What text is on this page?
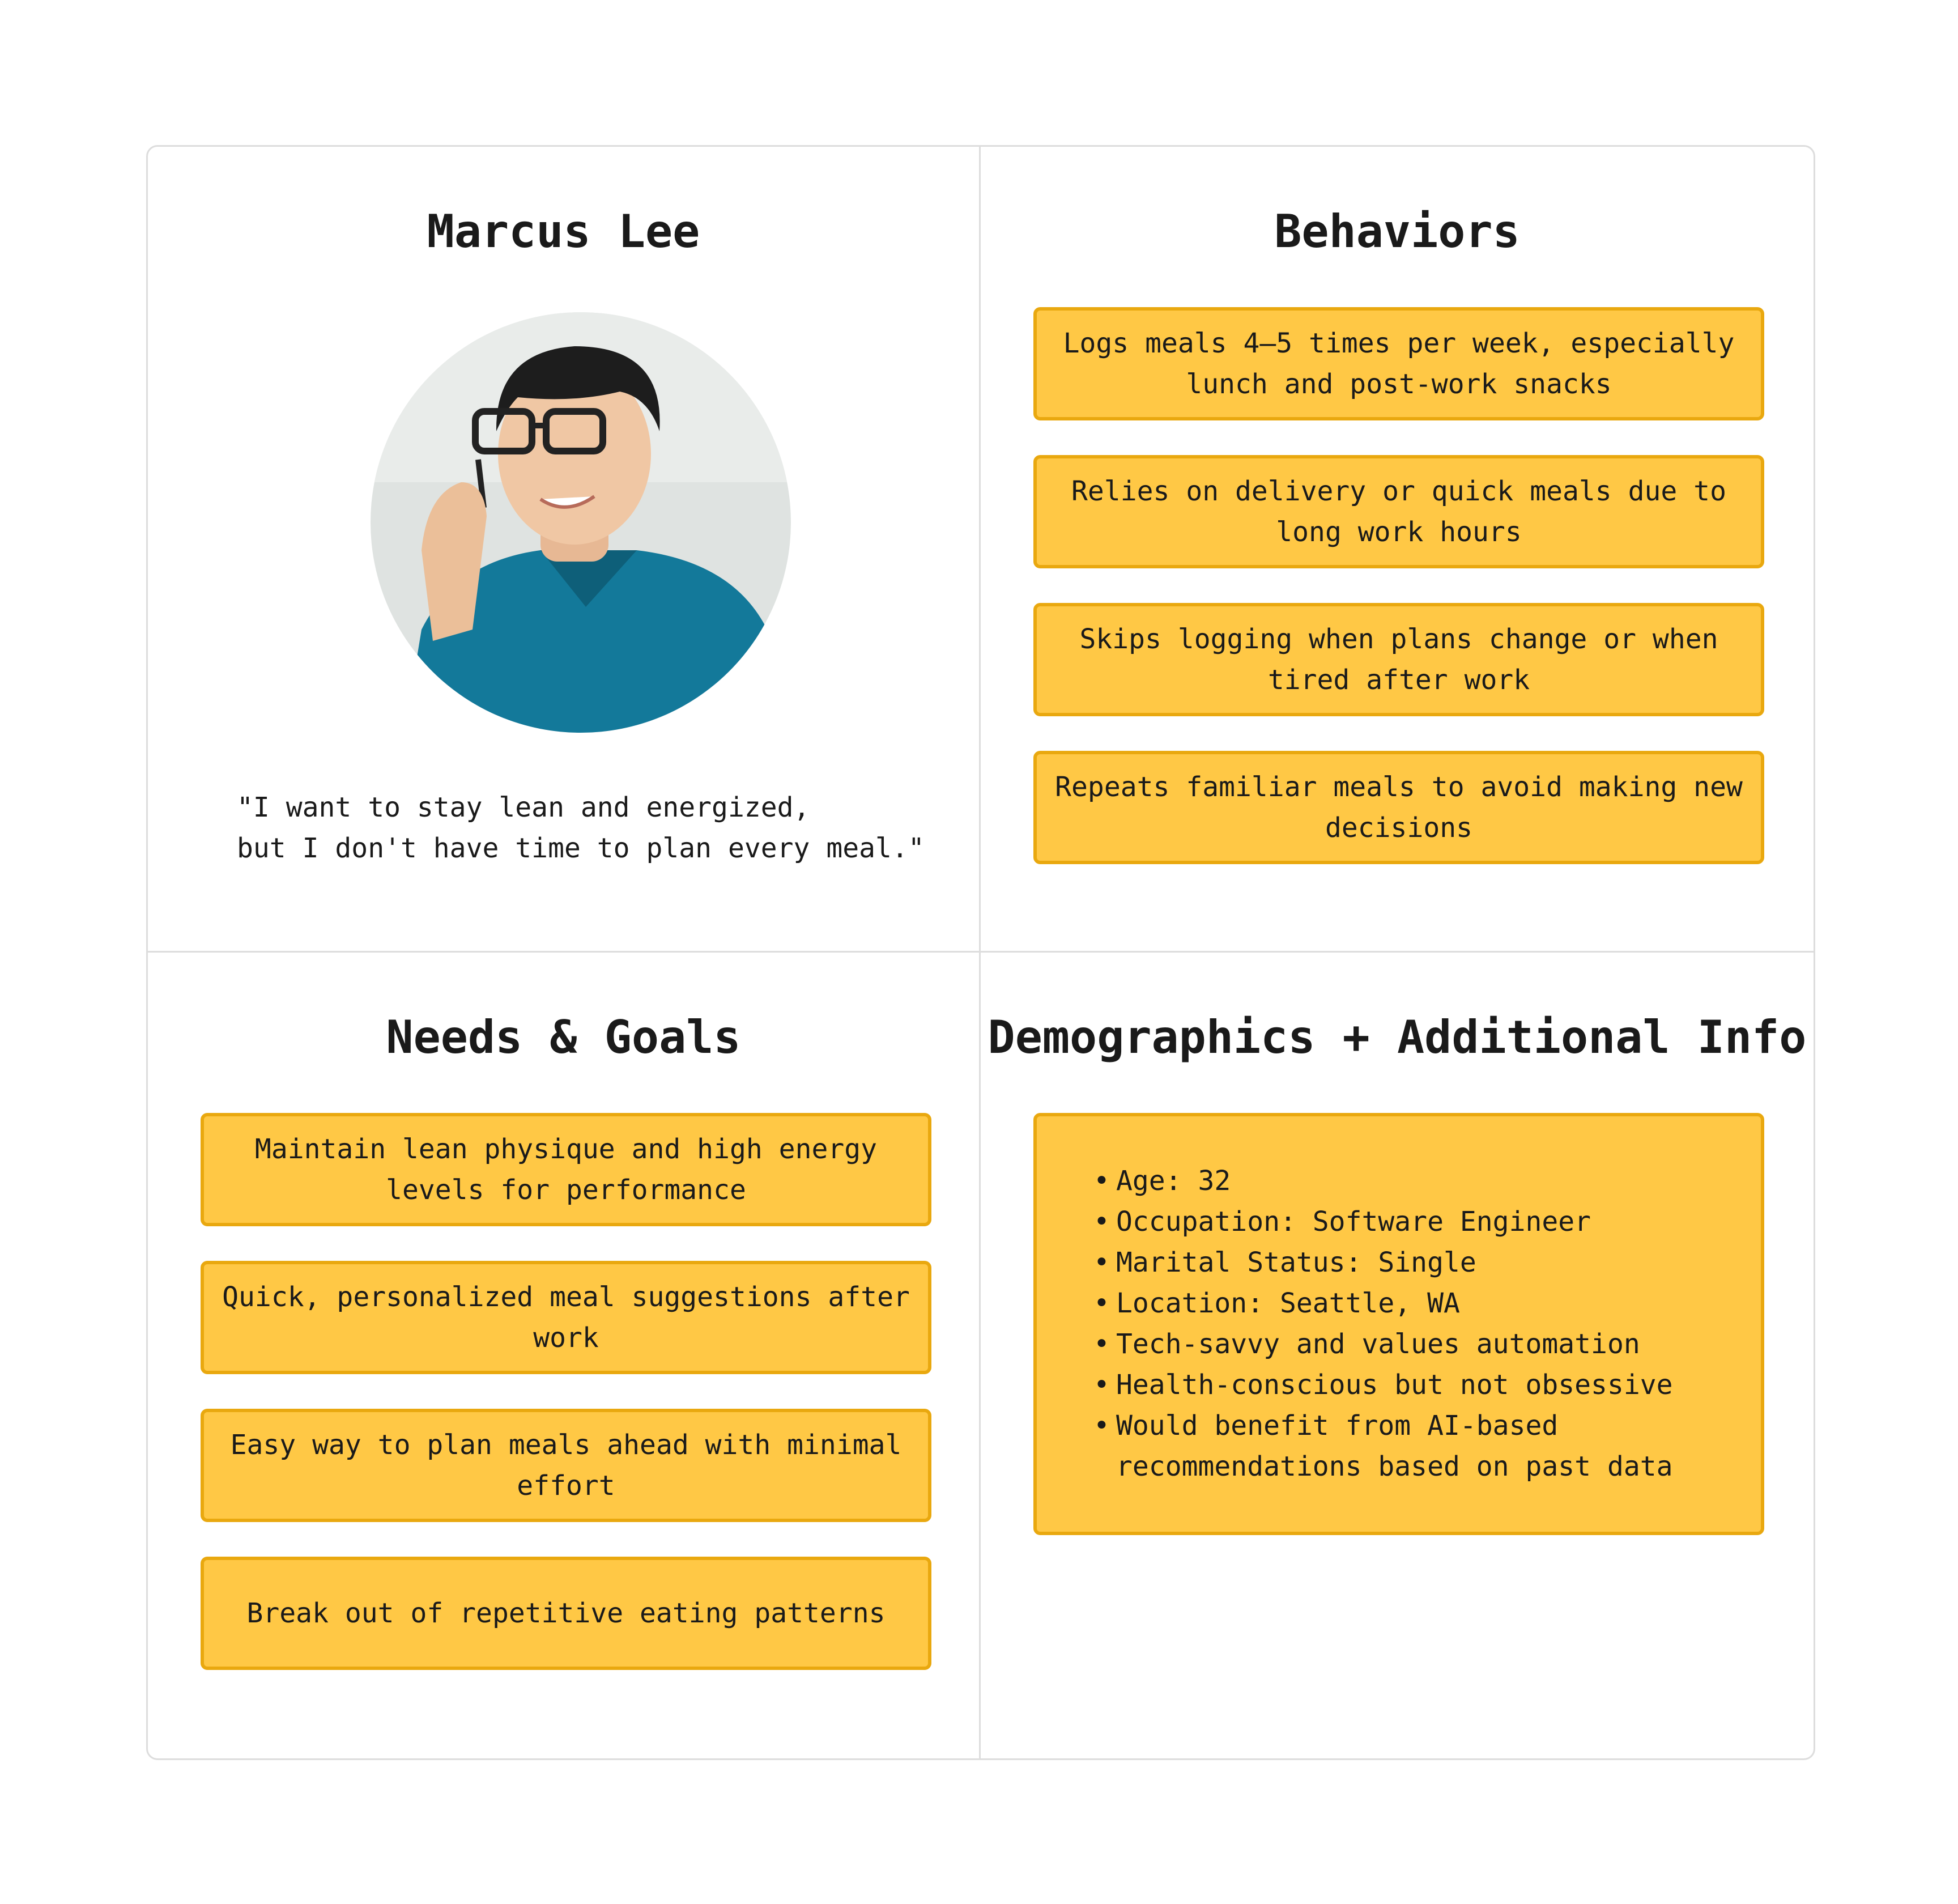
Marcus Lee
"I want to stay lean and energized,
but I don't have time to plan every meal."
Behaviors
Logs meals 4–5 times per week, especially lunch and post-work snacks
Relies on delivery or quick meals due to long work hours
Skips logging when plans change or when tired after work
Repeats familiar meals to avoid making new decisions
Needs & Goals
Maintain lean physique and high energy levels for performance
Quick, personalized meal suggestions after work
Easy way to plan meals ahead with minimal effort
Break out of repetitive eating patterns
Demographics + Additional Info
• Age: 32
• Occupation: Software Engineer
• Marital Status: Single
• Location: Seattle, WA
• Tech-savvy and values automation
• Health-conscious but not obsessive
• Would benefit from AI-based recommendations based on past data
